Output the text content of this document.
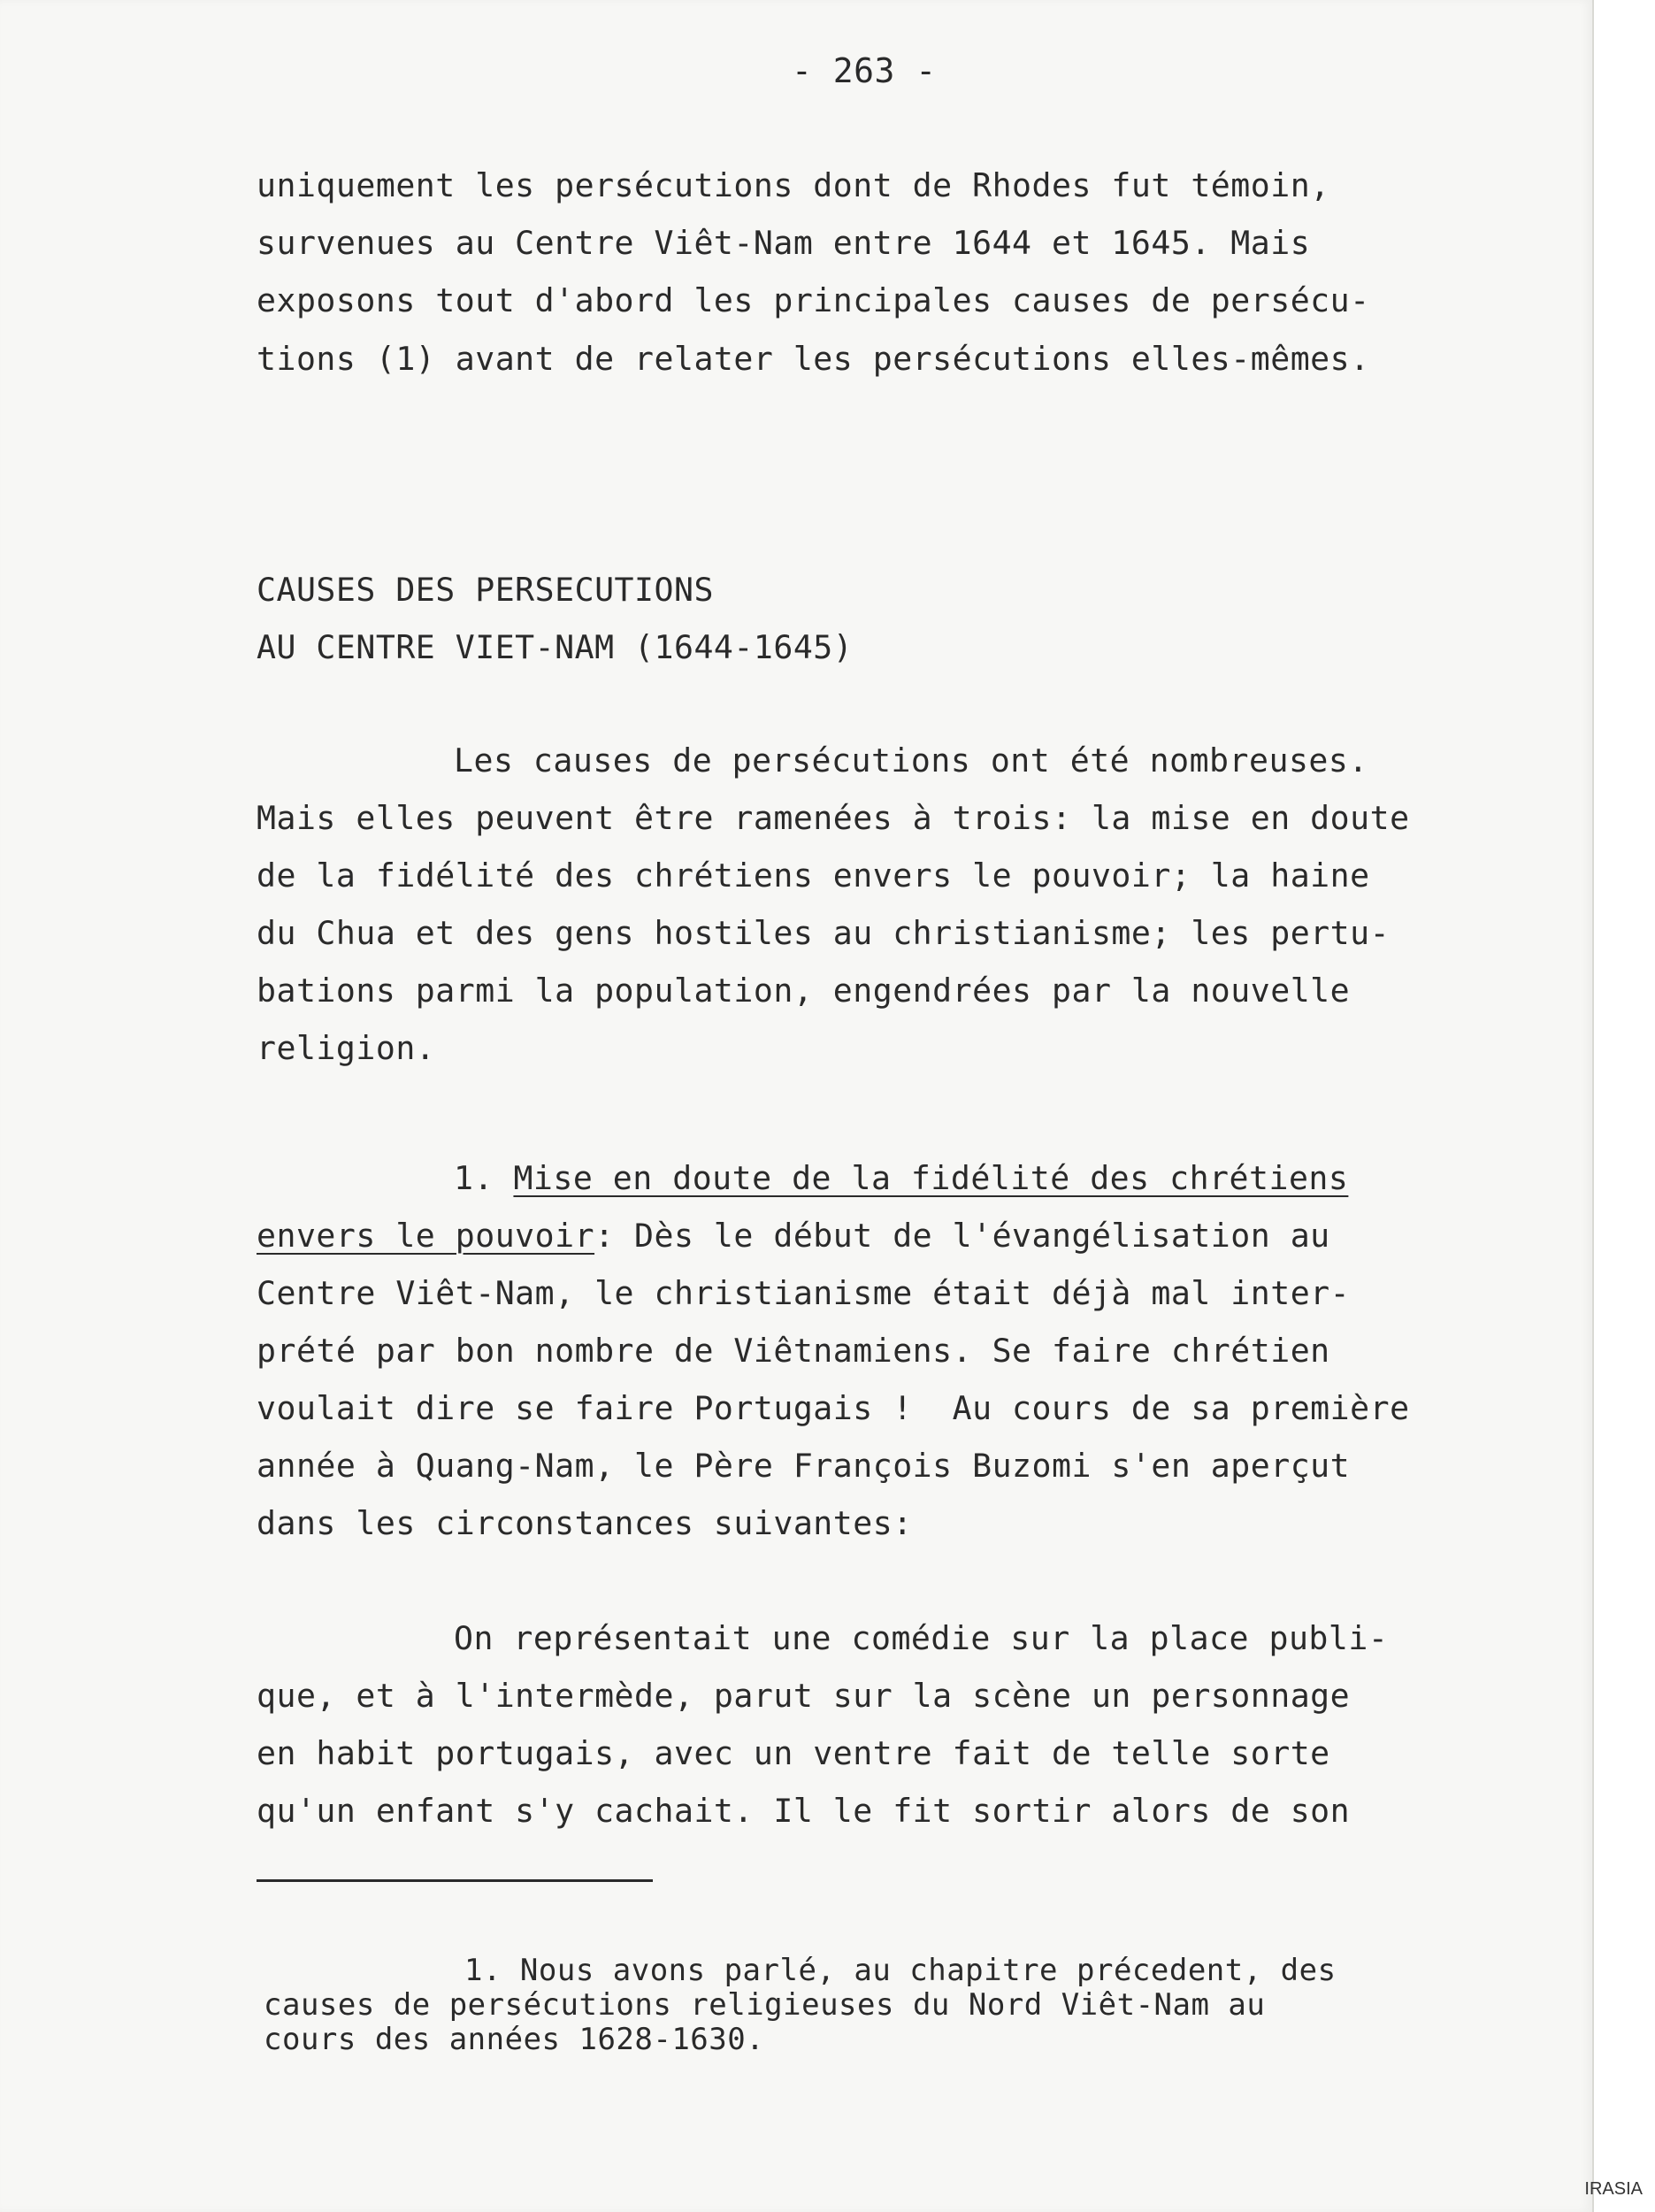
- 263 -

uniquement les persécutions dont de Rhodes fut témoin,

survenues au Centre Viêt-Nam entre 1644 et 1645. Mais

exposons tout d'abord les principales causes de persécu-

tions (1) avant de relater les persécutions elles-mêmes.

CAUSES DES PERSECUTIONS

AU CENTRE VIET-NAM (1644-1645)

Les causes de persécutions ont été nombreuses.

Mais elles peuvent être ramenées à trois: la mise en doute

de la fidélité des chrétiens envers le pouvoir; la haine

du Chua et des gens hostiles au christianisme; les pertu-

bations parmi la population, engendrées par la nouvelle

religion.

1. Mise en doute de la fidélité des chrétiens

envers le pouvoir: Dès le début de l'évangélisation au

Centre Viêt-Nam, le christianisme était déjà mal inter-

prété par bon nombre de Viêtnamiens. Se faire chrétien

voulait dire se faire Portugais !  Au cours de sa première

année à Quang-Nam, le Père François Buzomi s'en aperçut

dans les circonstances suivantes:

On représentait une comédie sur la place publi-

que, et à l'intermède, parut sur la scène un personnage

en habit portugais, avec un ventre fait de telle sorte

qu'un enfant s'y cachait. Il le fit sortir alors de son

1. Nous avons parlé, au chapitre précedent, des

causes de persécutions religieuses du Nord Viêt-Nam au

cours des années 1628-1630.

IRASIA
